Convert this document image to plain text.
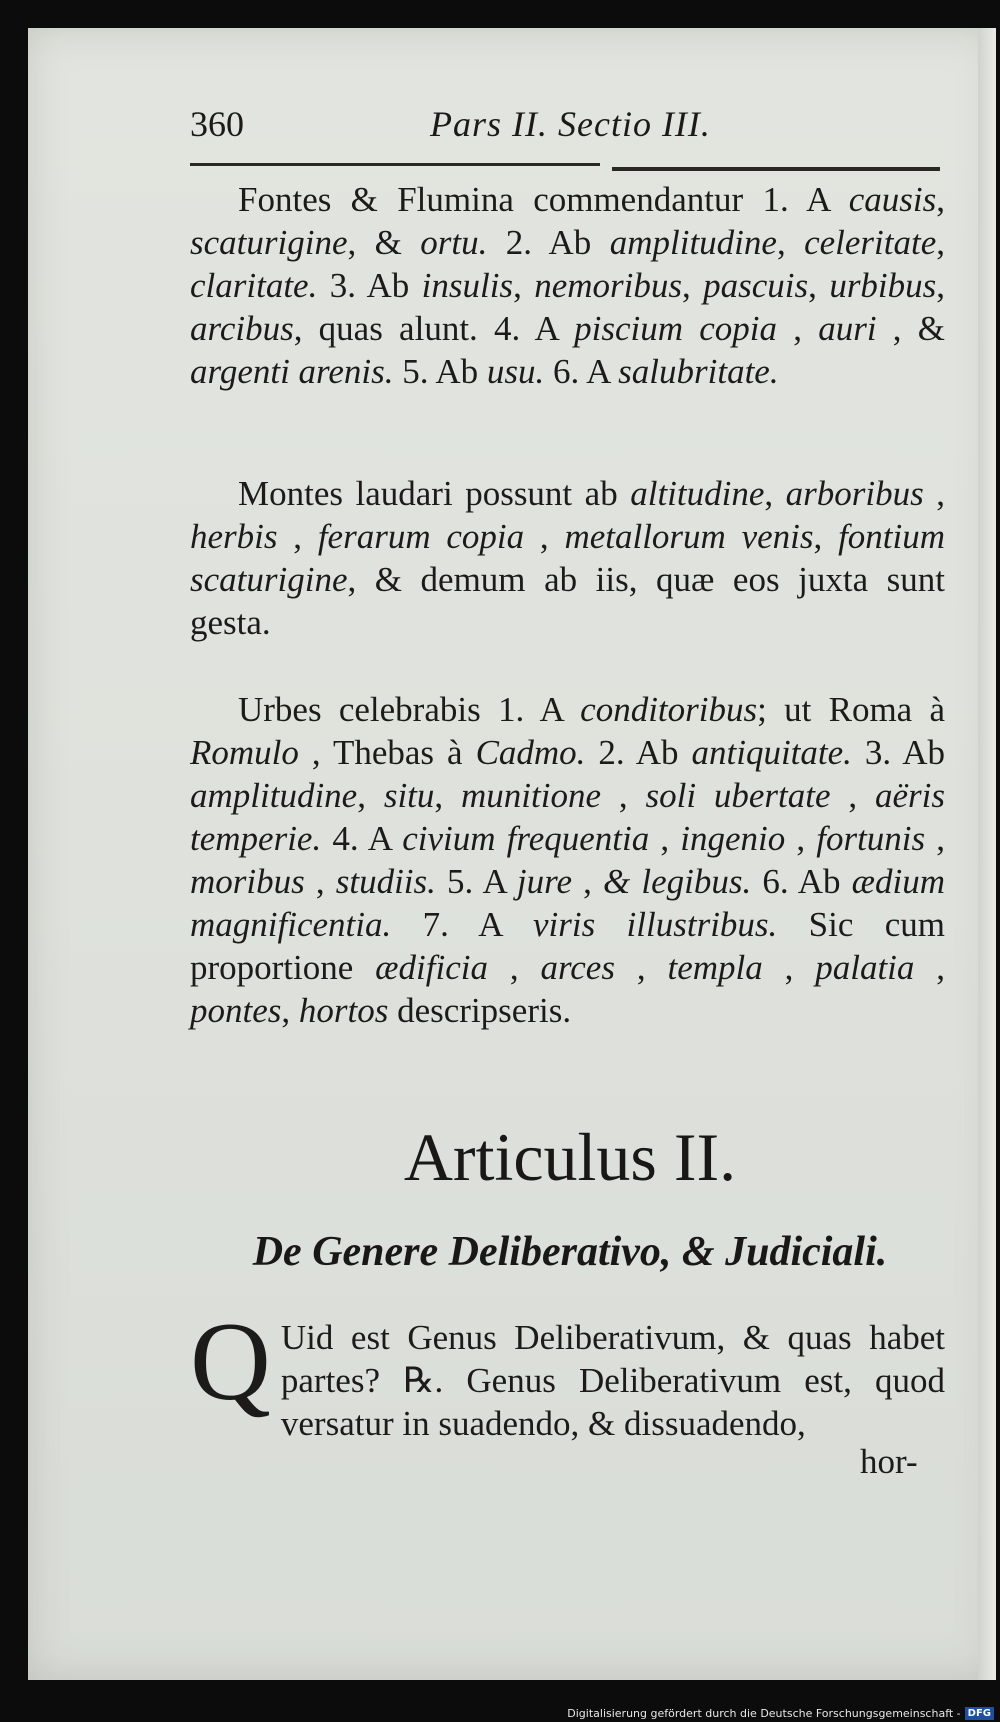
360	Pars II. Sectio III.
Fontes & Flumina commendantur 1. A causis, scaturigine, & ortu. 2. Ab amplitudine, celeritate, claritate. 3. Ab insulis, nemoribus, pascuis, urbibus, arcibus, quas alunt. 4. A piscium copia , auri , & argenti arenis. 5. Ab usu. 6. A salubritate.
Montes laudari possunt ab altitudine, arboribus , herbis , ferarum copia , metallorum venis, fontium scaturigine, & demum ab iis, quæ eos juxta sunt gesta.
Urbes celebrabis 1. A conditoribus; ut Roma à Romulo , Thebas à Cadmo. 2. Ab antiquitate. 3. Ab amplitudine, situ, munitione , soli ubertate , aëris temperie. 4. A civium frequentia , ingenio , fortunis , moribus , studiis. 5. A jure , & legibus. 6. Ab ædium magnificentia. 7. A viris illustribus. Sic cum proportione ædificia , arces , templa , palatia , pontes, hortos descripseris.
Articulus II.
De Genere Deliberativo, & Judiciali.
Q Uid est Genus Deliberativum, & quas habet partes? ℞. Genus Deliberativum est, quod versatur in suadendo, & dissuadendo,
hor-
Digitalisierung gefördert durch die Deutsche Forschungsgemeinschaft - DFG
